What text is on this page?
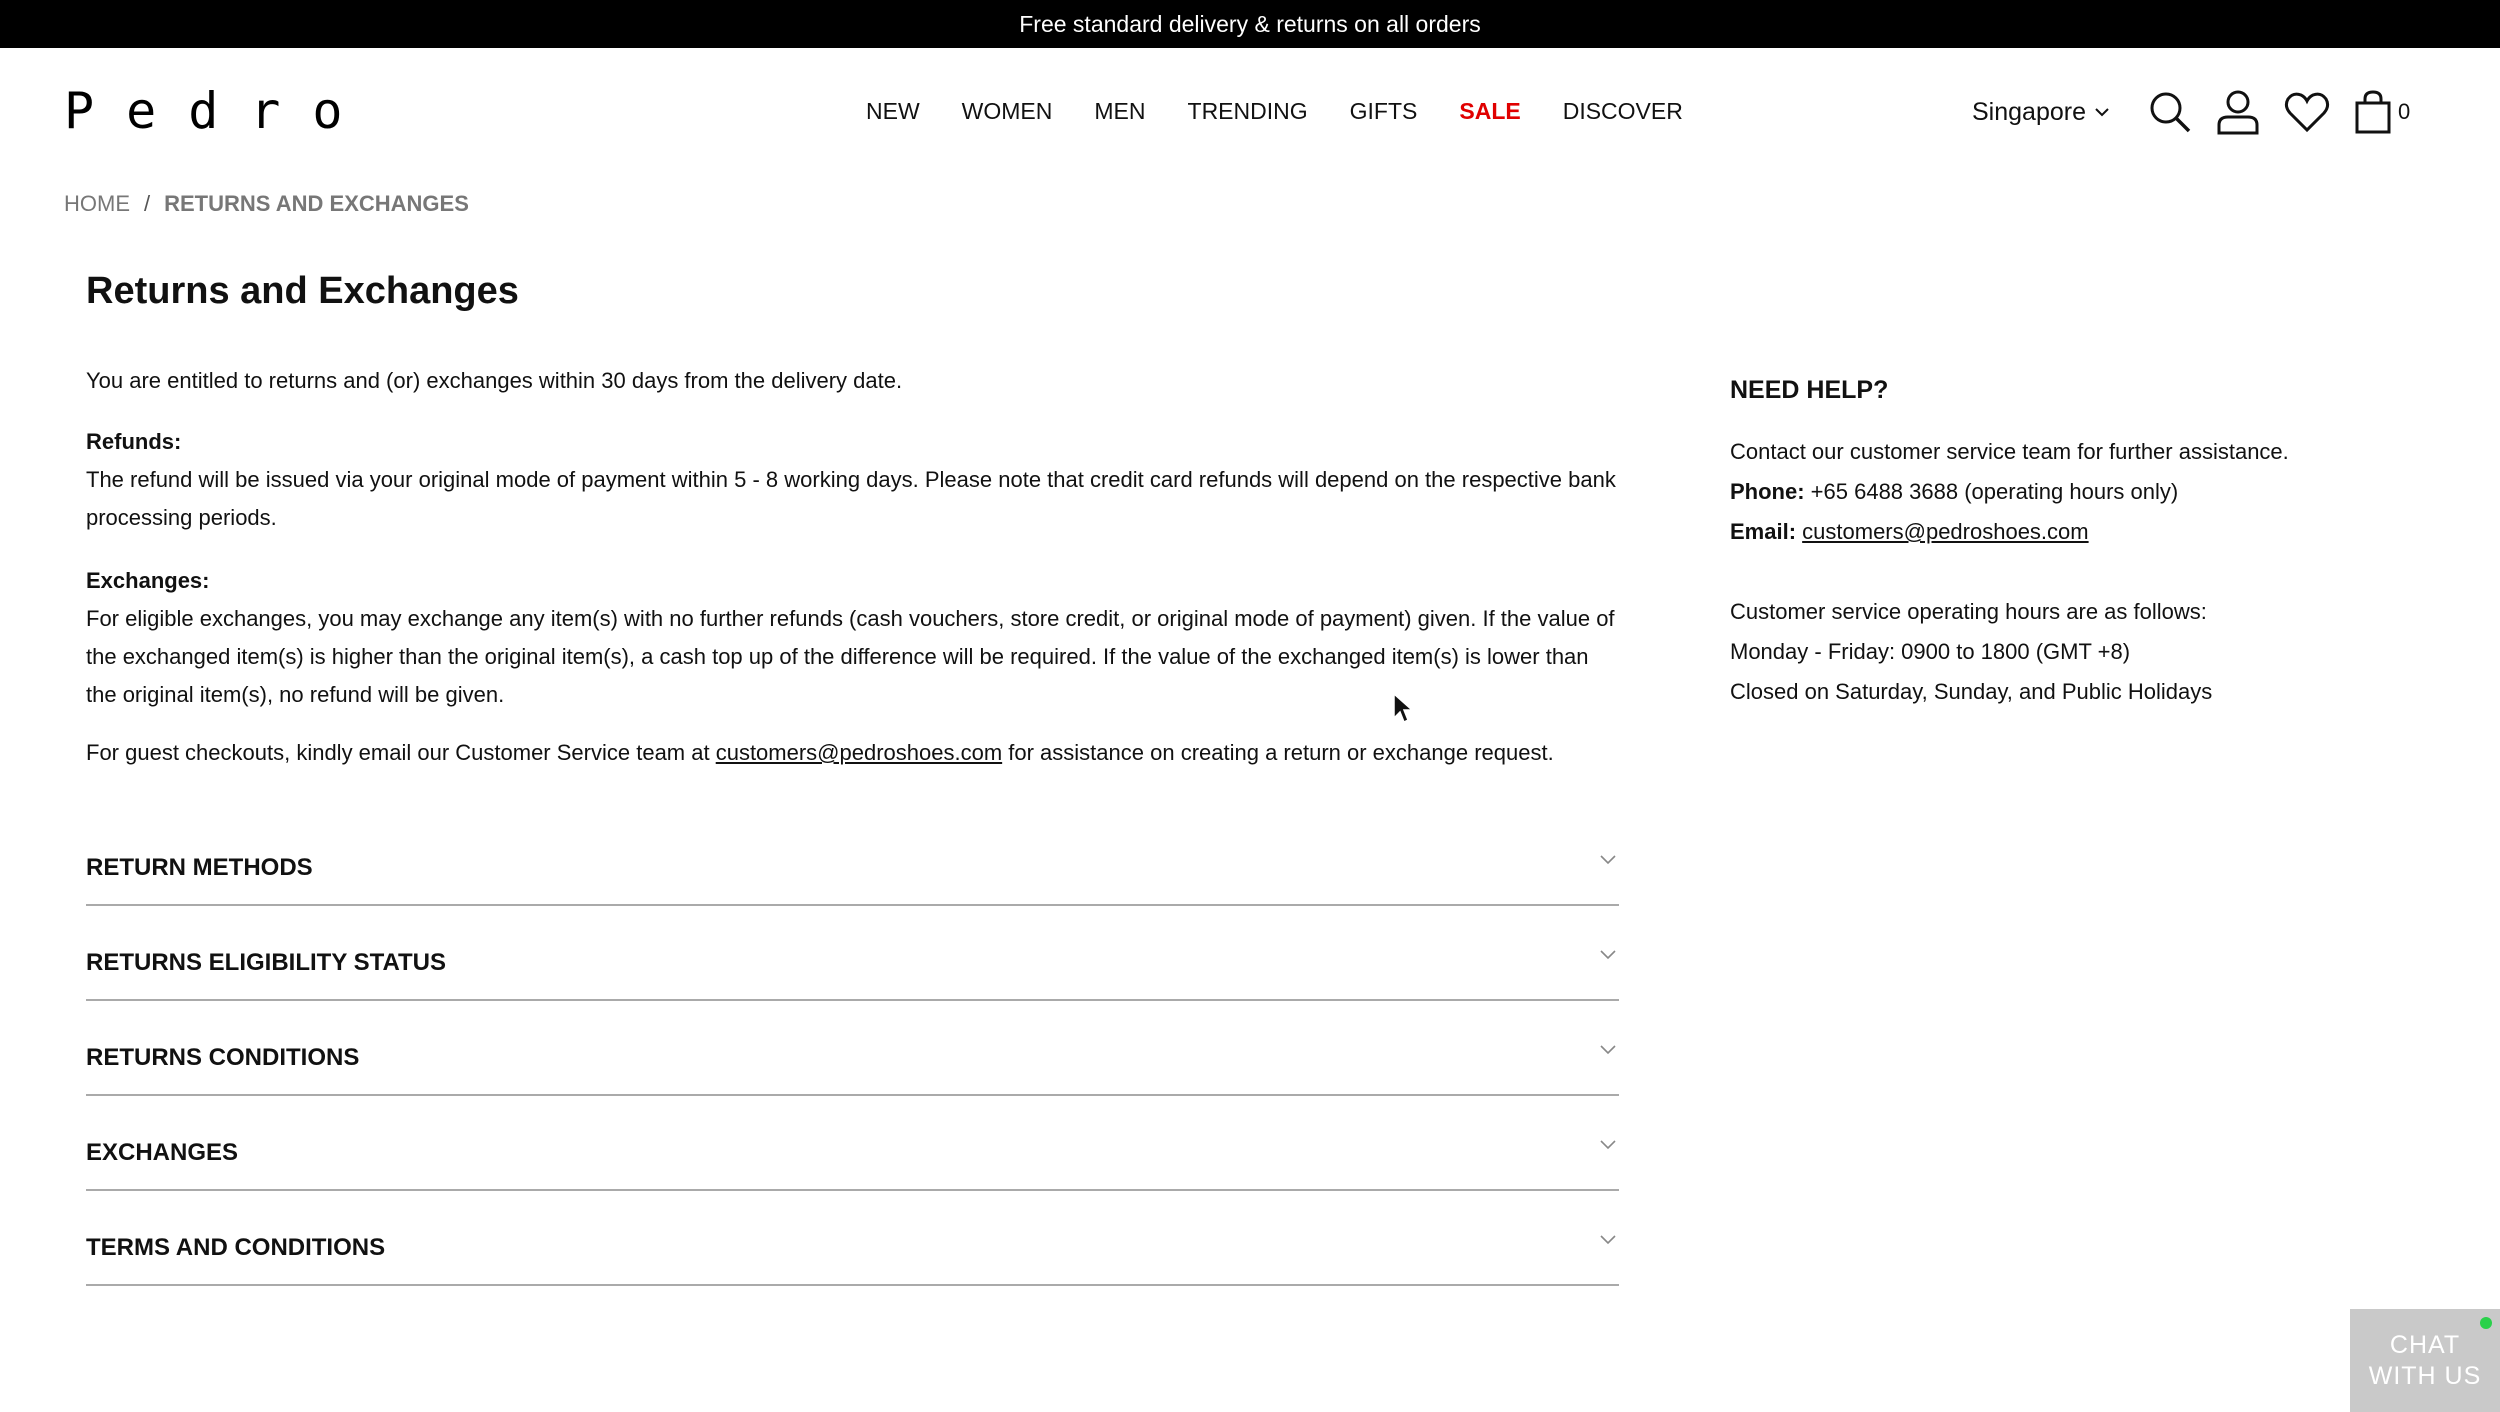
Free standard delivery & returns on all orders
Pedro	NEW WOMEN MEN TRENDING GIFTS SALE DISCOVER	Singapore	0
HOME / RETURNS AND EXCHANGES
Returns and Exchanges

You are entitled to returns and (or) exchanges within 30 days from the delivery date.

Refunds:

The refund will be issued via your original mode of payment within 5 - 8 working days. Please note that credit card refunds will depend on the respective bank processing periods.

Exchanges:

For eligible exchanges, you may exchange any item(s) with no further refunds (cash vouchers, store credit, or original mode of payment) given. If the value of the exchanged item(s) is higher than the original item(s), a cash top up of the difference will be required. If the value of the exchanged item(s) is lower than the original item(s), no refund will be given.

For guest checkouts, kindly email our Customer Service team at customers@pedroshoes.com for assistance on creating a return or exchange request.

RETURN METHODS
RETURNS ELIGIBILITY STATUS
RETURNS CONDITIONS
EXCHANGES
TERMS AND CONDITIONS
NEED HELP?

Contact our customer service team for further assistance.

Phone: +65 6488 3688 (operating hours only)

Email: customers@pedroshoes.com

Customer service operating hours are as follows:

Monday - Friday: 0900 to 1800 (GMT +8)

Closed on Saturday, Sunday, and Public Holidays

CHAT
WITH US
